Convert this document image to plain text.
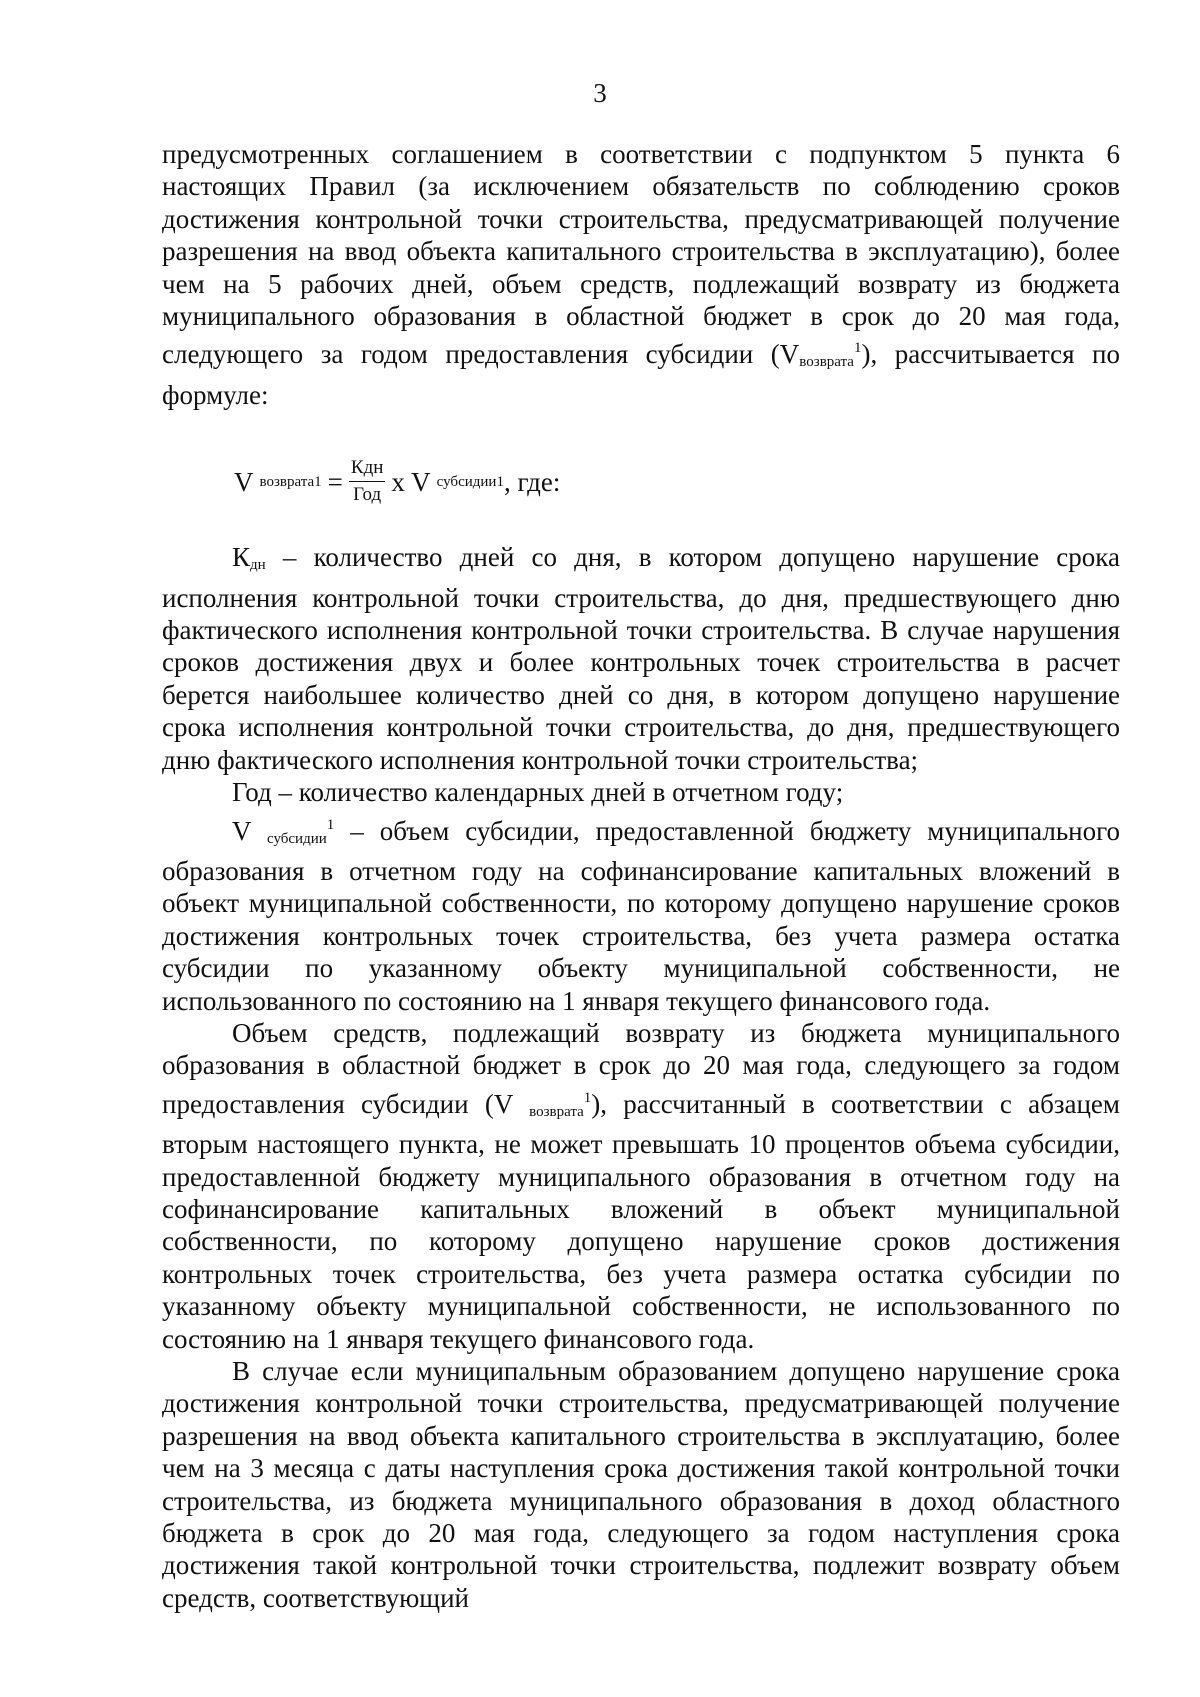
3

предусмотренных соглашением в соответствии с подпунктом 5 пункта 6 настоящих Правил (за исключением обязательств по соблюдению сроков достижения контрольной точки строительства, предусматривающей получение разрешения на ввод объекта капитального строительства в эксплуатацию), более чем на 5 рабочих дней, объем средств, подлежащий возврату из бюджета муниципального образования в областной бюджет в срок до 20 мая года, следующего за годом предоставления субсидии $(V_{возврата}^1)$, рассчитывается по формуле:

V возврата $1 = \frac{\text{Кдн}}{\text{Год}}$ x V субсидии 1 , где:

$К_{дн}$ – количество дней со дня, в котором допущено нарушение срока исполнения контрольной точки строительства, до дня, предшествующего дню фактического исполнения контрольной точки строительства. В случае нарушения сроков достижения двух и более контрольных точек строительства в расчет берется наибольшее количество дней со дня, в котором допущено нарушение срока исполнения контрольной точки строительства, до дня, предшествующего дню фактического исполнения контрольной точки строительства;

Год – количество календарных дней в отчетном году;

V $_{субсидии}^1$ – объем субсидии, предоставленной бюджету муниципального образования в отчетном году на софинансирование капитальных вложений в объект муниципальной собственности, по которому допущено нарушение сроков достижения контрольных точек строительства, без учета размера остатка субсидии по указанному объекту муниципальной собственности, не использованного по состоянию на 1 января текущего финансового года.

Объем средств, подлежащий возврату из бюджета муниципального образования в областной бюджет в срок до 20 мая года, следующего за годом предоставления субсидии (V $_{возврата}^1$), рассчитанный в соответствии с абзацем вторым настоящего пункта, не может превышать 10 процентов объема субсидии, предоставленной бюджету муниципального образования в отчетном году на софинансирование капитальных вложений в объект муниципальной собственности, по которому допущено нарушение сроков достижения контрольных точек строительства, без учета размера остатка субсидии по указанному объекту муниципальной собственности, не использованного по состоянию на 1 января текущего финансового года.

В случае если муниципальным образованием допущено нарушение срока достижения контрольной точки строительства, предусматривающей получение разрешения на ввод объекта капитального строительства в эксплуатацию, более чем на 3 месяца с даты наступления срока достижения такой контрольной точки строительства, из бюджета муниципального образования в доход областного бюджета в срок до 20 мая года, следующего за годом наступления срока достижения такой контрольной точки строительства, подлежит возврату объем средств, соответствующий
